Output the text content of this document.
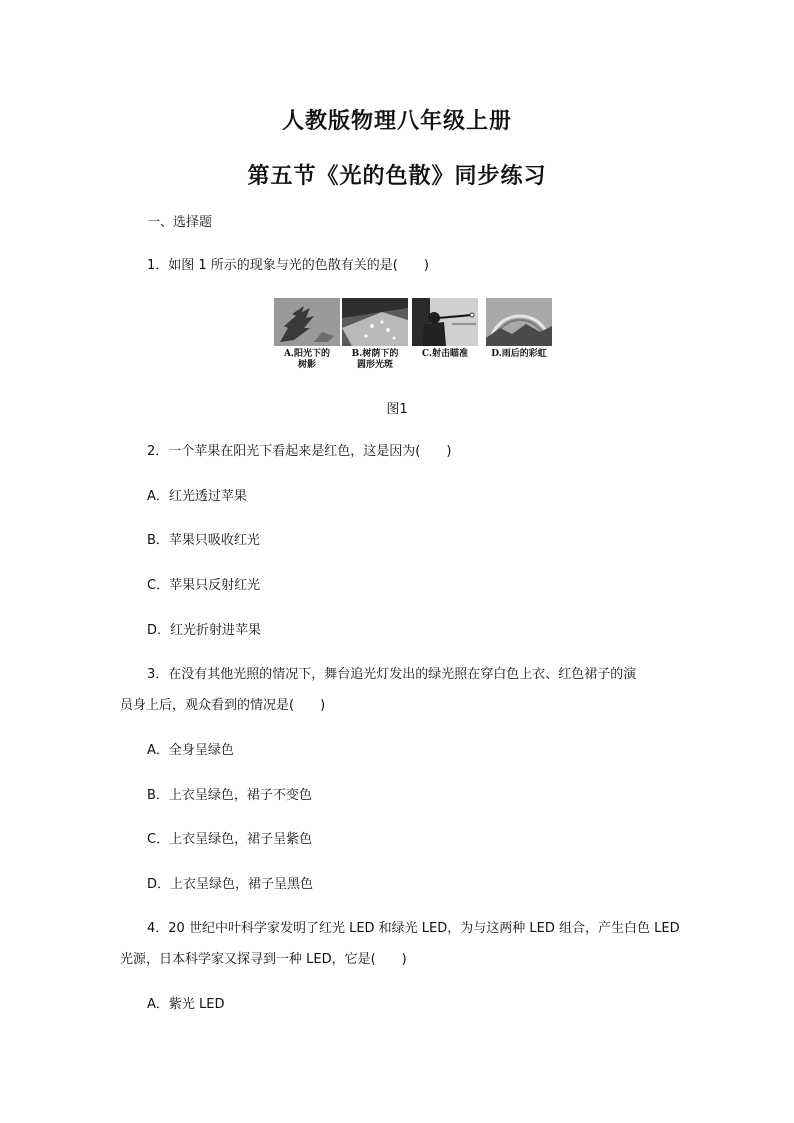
人教版物理八年级上册
第五节《光的色散》同步练习
一、选择题
1．如图 1 所示的现象与光的色散有关的是(　　)
A.阳光下的
树影
B.树荫下的
圆形光斑
C.射击瞄准	D.雨后的彩虹
图1
2．一个苹果在阳光下看起来是红色，这是因为(　　)
A．红光透过苹果
B．苹果只吸收红光
C．苹果只反射红光
D．红光折射进苹果
3．在没有其他光照的情况下，舞台追光灯发出的绿光照在穿白色上衣、红色裙子的演
员身上后，观众看到的情况是(　　)
A．全身呈绿色
B．上衣呈绿色，裙子不变色
C．上衣呈绿色，裙子呈紫色
D．上衣呈绿色，裙子呈黑色
4．20 世纪中叶科学家发明了红光 LED 和绿光 LED，为与这两种 LED 组合，产生白色 LED
光源，日本科学家又探寻到一种 LED，它是(　　)
A．紫光 LED
